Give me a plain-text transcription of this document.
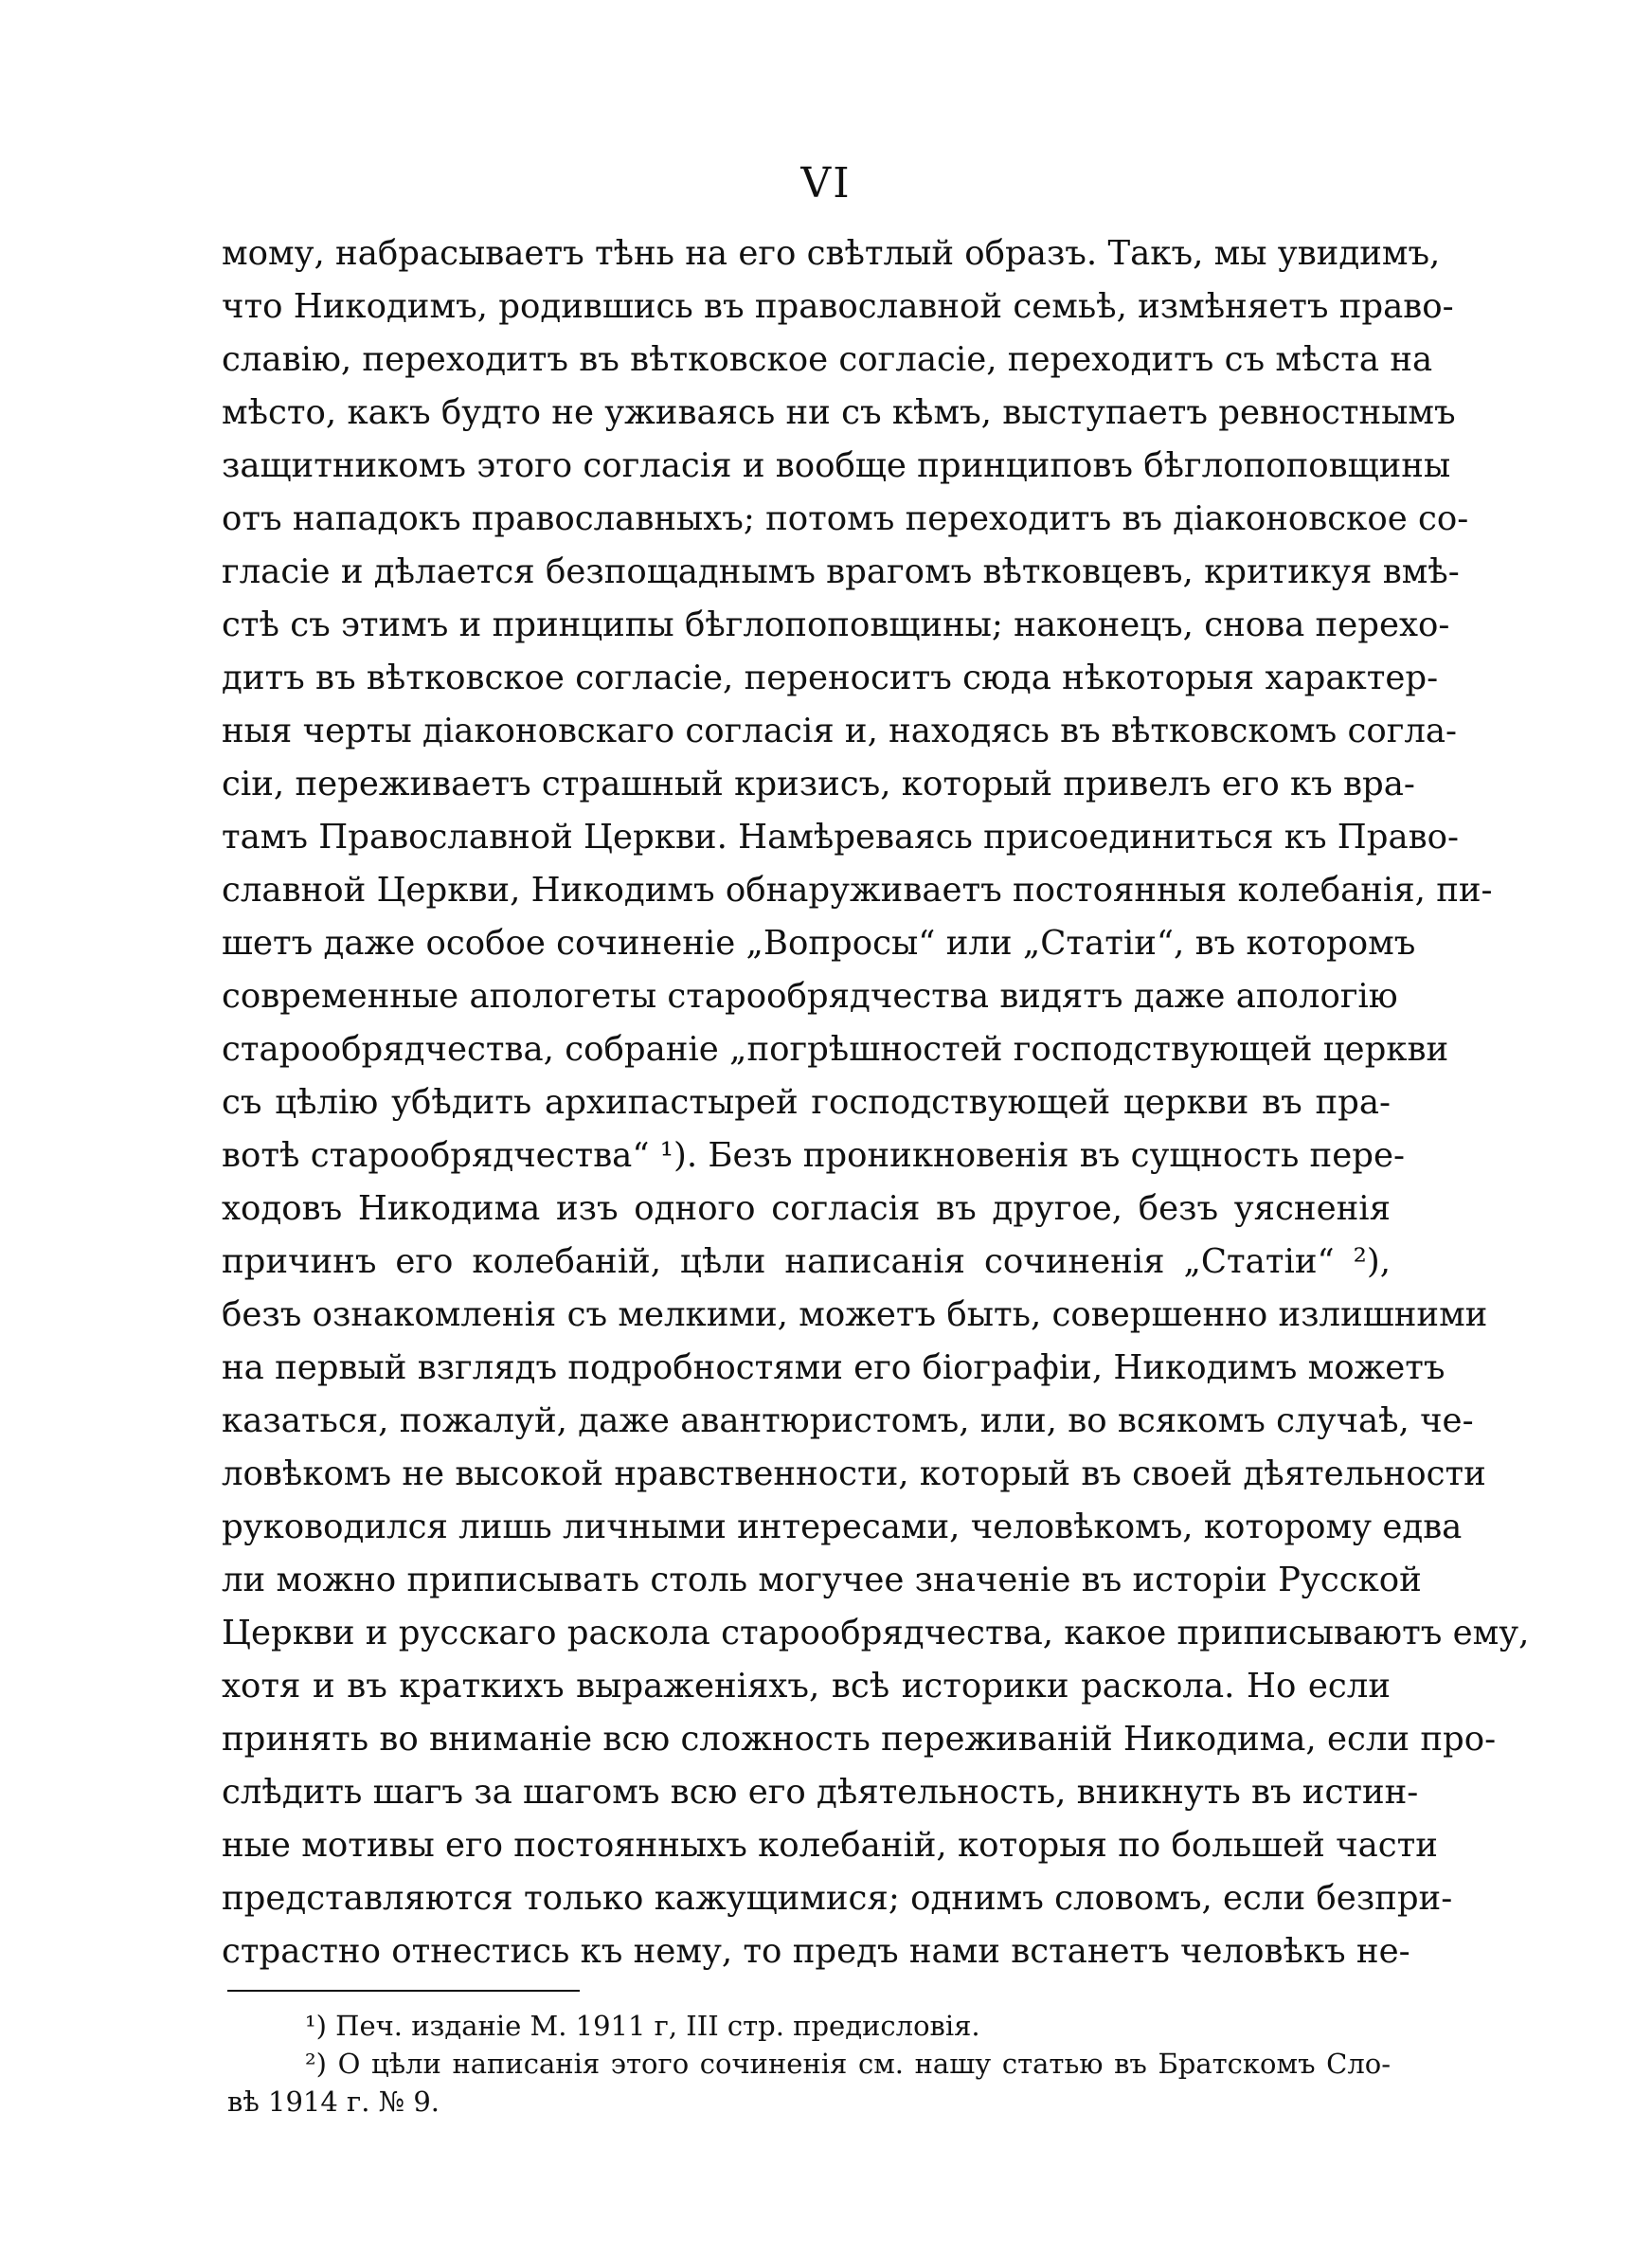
VI
мому, набрасываетъ тѣнь на его свѣтлый образъ. Такъ, мы увидимъ,
что Никодимъ, родившись въ православной семьѣ, измѣняетъ право-
славію, переходитъ въ вѣтковское согласіе, переходитъ съ мѣста на
мѣсто, какъ будто не уживаясь ни съ кѣмъ, выступаетъ ревностнымъ
защитникомъ этого согласія и вообще принциповъ бѣглопоповщины
отъ нападокъ православныхъ; потомъ переходитъ въ діаконовское со-
гласіе и дѣлается безпощаднымъ врагомъ вѣтковцевъ, критикуя вмѣ-
стѣ съ этимъ и принципы бѣглопоповщины; наконецъ, снова перехо-
дитъ въ вѣтковское согласіе, переноситъ сюда нѣкоторыя характер-
ныя черты діаконовскаго согласія и, находясь въ вѣтковскомъ согла-
сіи, переживаетъ страшный кризисъ, который привелъ его къ вра-
тамъ Православной Церкви. Намѣреваясь присоединиться къ Право-
славной Церкви, Никодимъ обнаруживаетъ постоянныя колебанія, пи-
шетъ даже особое сочиненіе „Вопросы“ или „Статіи“, въ которомъ
современные апологеты старообрядчества видятъ даже апологію
старообрядчества, собраніе „погрѣшностей господствующей церкви
съ цѣлію убѣдить архипастырей господствующей церкви въ пра-
вотѣ старообрядчества“ ¹). Безъ проникновенія въ сущность пере-
ходовъ Никодима изъ одного согласія въ другое, безъ уясненія
причинъ его колебаній, цѣли написанія сочиненія „Статіи“ ²),
безъ ознакомленія съ мелкими, можетъ быть, совершенно излишними
на первый взглядъ подробностями его біографіи, Никодимъ можетъ
казаться, пожалуй, даже авантюристомъ, или, во всякомъ случаѣ, че-
ловѣкомъ не высокой нравственности, который въ своей дѣятельности
руководился лишь личными интересами, человѣкомъ, которому едва
ли можно приписывать столь могучее значеніе въ исторіи Русской
Церкви и русскаго раскола старообрядчества, какое приписываютъ ему,
хотя и въ краткихъ выраженіяхъ, всѣ историки раскола. Но если
принять во вниманіе всю сложность переживаній Никодима, если про-
слѣдить шагъ за шагомъ всю его дѣятельность, вникнуть въ истин-
ные мотивы его постоянныхъ колебаній, которыя по большей части
представляются только кажущимися; однимъ словомъ, если безпри-
страстно отнестись къ нему, то предъ нами встанетъ человѣкъ не-
¹) Печ. изданіе М. 1911 г, III стр. предисловія.
²) О цѣли написанія этого сочиненія см. нашу статью въ Братскомъ Сло-
вѣ 1914 г. № 9.
